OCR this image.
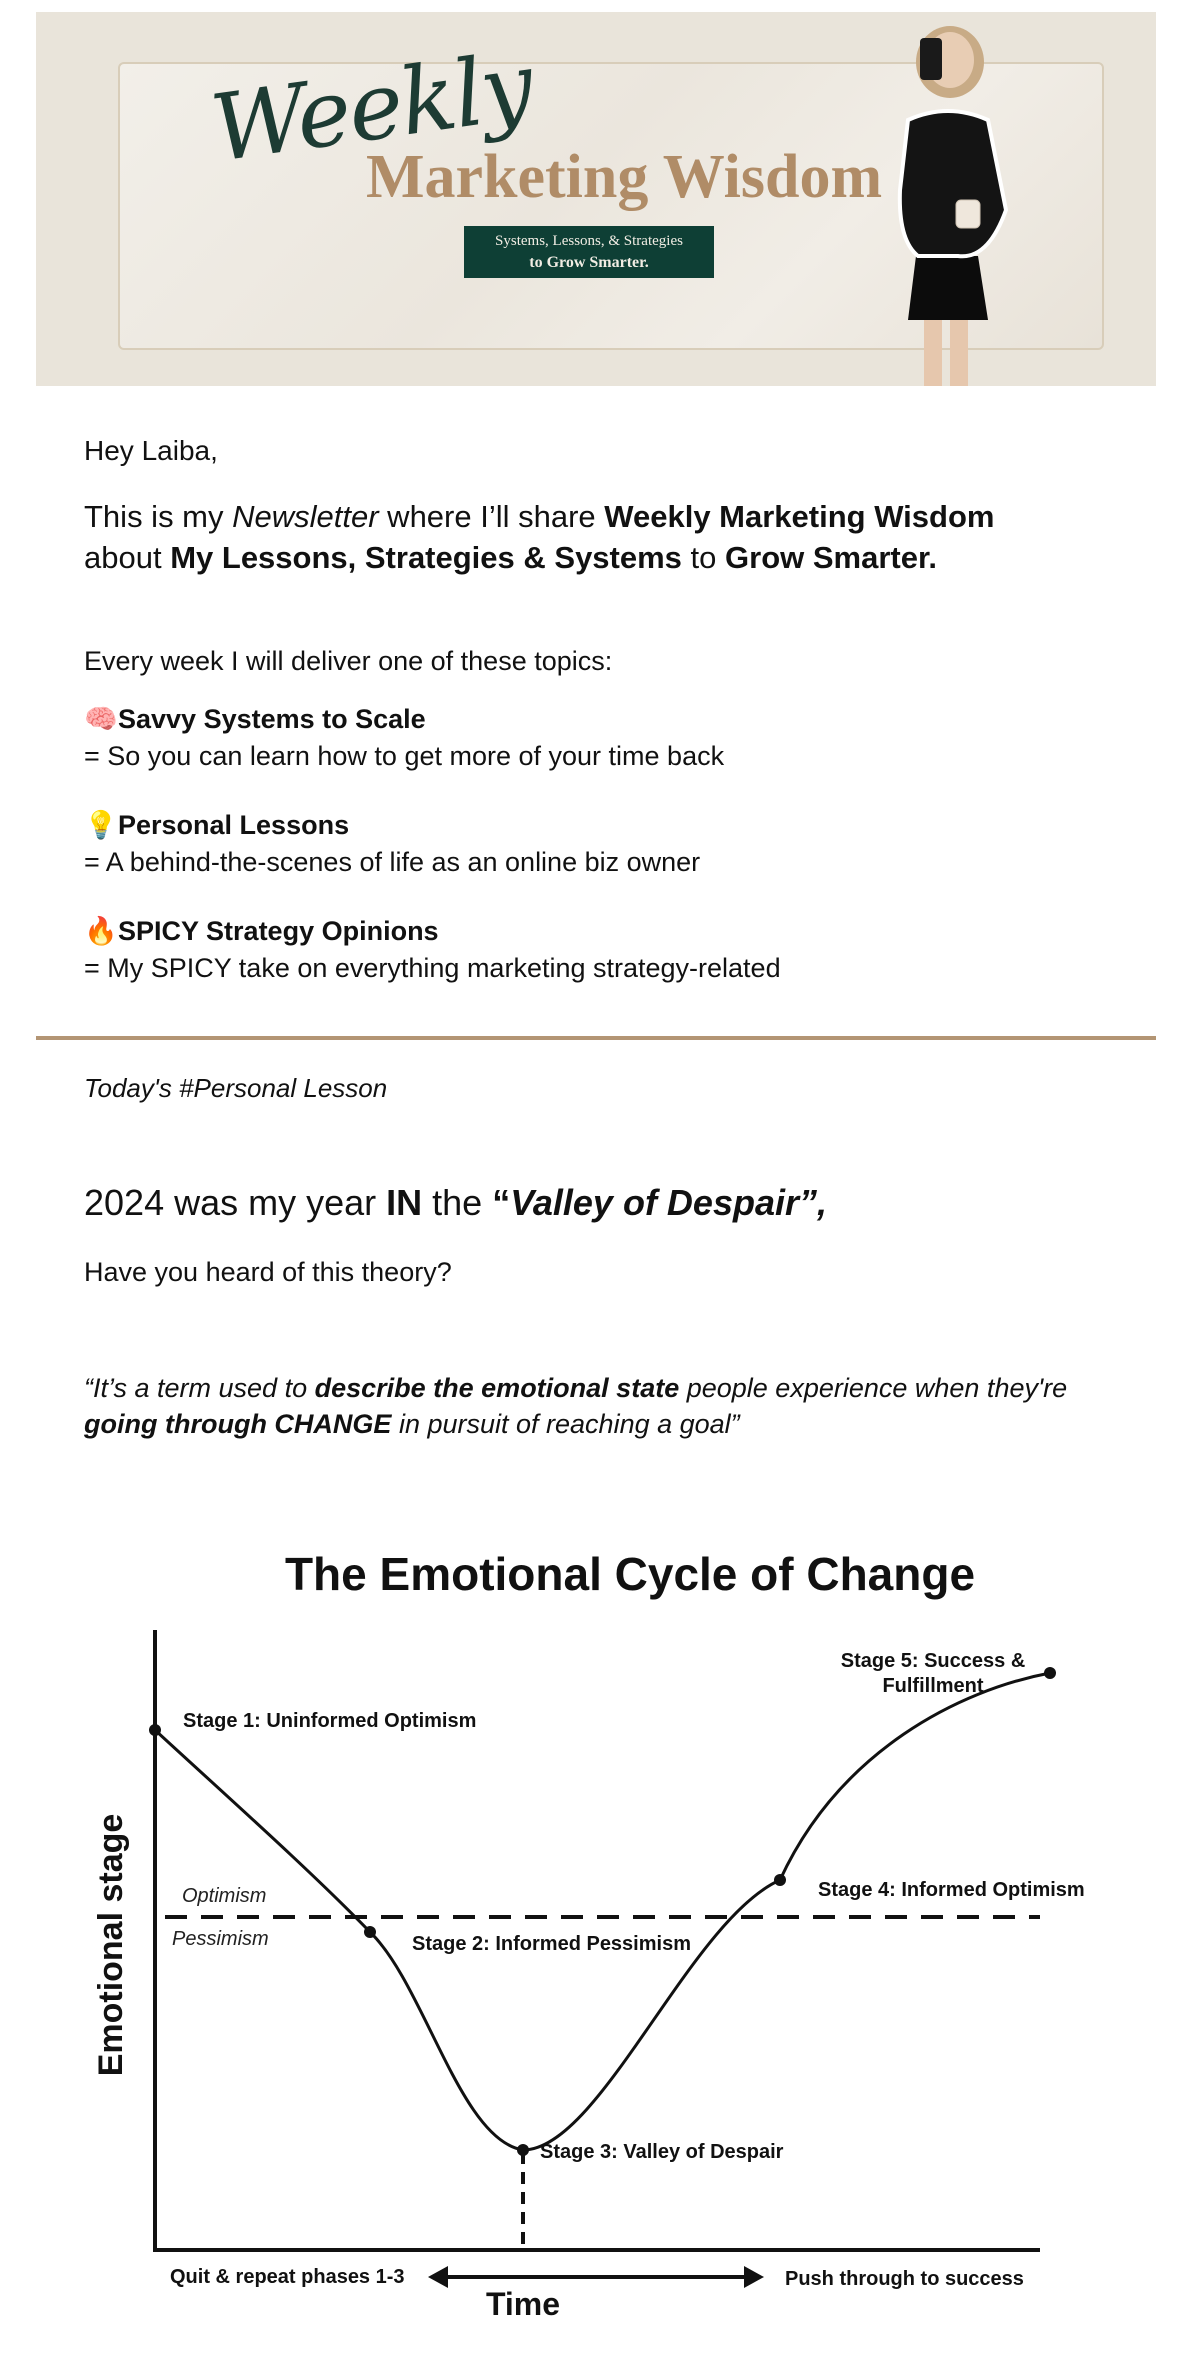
Weekly
Marketing Wisdom
Systems, Lessons, & Strategies
to Grow Smarter.
Hey Laiba,
This is my Newsletter where I’ll share Weekly Marketing Wisdom
about My Lessons, Strategies & Systems to Grow Smarter.
Every week I will deliver one of these topics:
🧠Savvy Systems to Scale
= So you can learn how to get more of your time back
💡Personal Lessons
= A behind-the-scenes of life as an online biz owner
🔥SPICY Strategy Opinions
= My SPICY take on everything marketing strategy-related
Today's #Personal Lesson
2024 was my year IN the “Valley of Despair”,
Have you heard of this theory?
“It’s a term used to describe the emotional state people experience when they're
going through CHANGE in pursuit of reaching a goal”
The Emotional Cycle of Change
Emotional stage	Optimism
Pessimism
Stage 1: Uninformed Optimism
Stage 2: Informed Pessimism
Stage 3: Valley of Despair
Stage 4: Informed Optimism
Stage 5: Success &
Fulfillment
Quit & repeat phases 1-3	Push through to success
Time
